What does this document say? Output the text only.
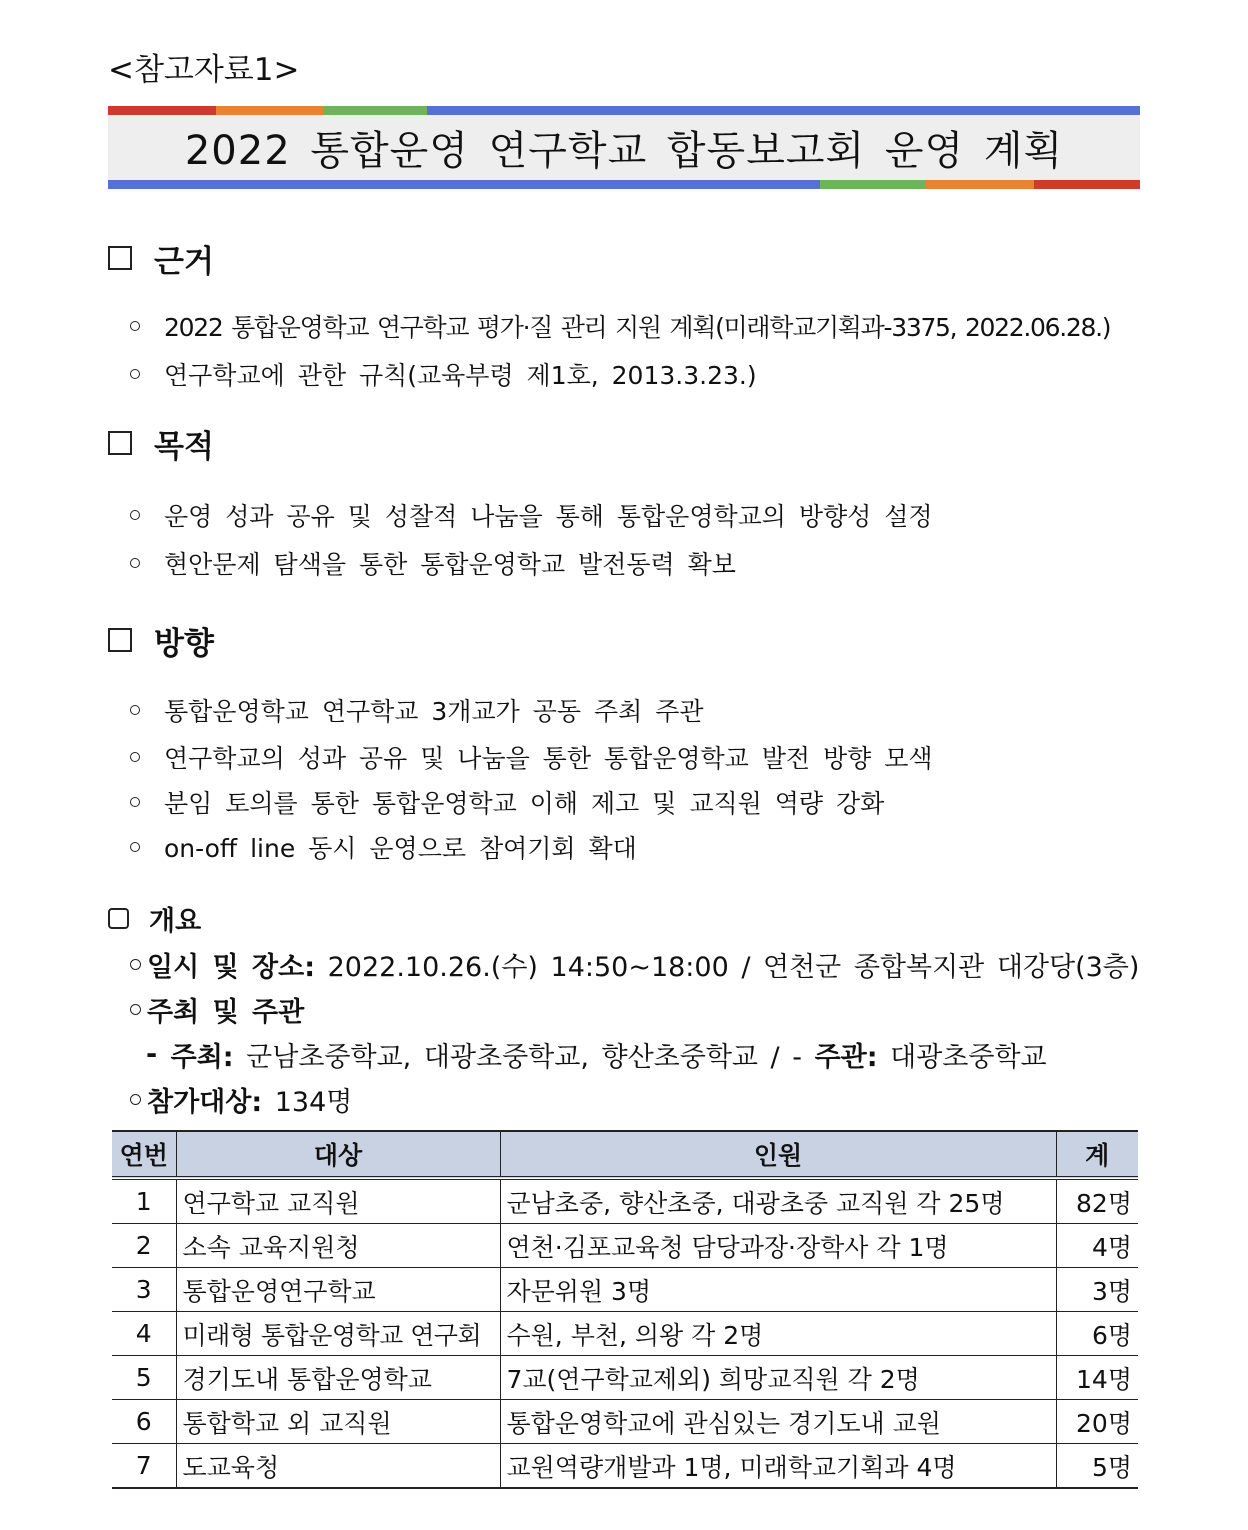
<참고자료1>
2022 통합운영 연구학교 합동보고회 운영 계획
근거
2022 통합운영학교 연구학교 평가·질 관리 지원 계획(미래학교기획과-3375, 2022.06.28.)
연구학교에 관한 규칙(교육부령 제1호, 2013.3.23.)
목적
운영 성과 공유 및 성찰적 나눔을 통해 통합운영학교의 방향성 설정
현안문제 탐색을 통한 통합운영학교 발전동력 확보
방향
통합운영학교 연구학교 3개교가 공동 주최 주관
연구학교의 성과 공유 및 나눔을 통한 통합운영학교 발전 방향 모색
분임 토의를 통한 통합운영학교 이해 제고 및 교직원 역량 강화
on-off line 동시 운영으로 참여기회 확대
개요
일시 및 장소:
2022.10.26.(수) 14:50~18:00 / 연천군 종합복지관 대강당(3층)
주최 및 주관
- 주최:
군남초중학교, 대광초중학교, 향산초중학교 / - 주관:
대광초중학교
참가대상:
134명
연번	대상	인원	계
1	연구학교 교직원	군남초중, 향산초중, 대광초중 교직원 각 25명	82명
2	소속 교육지원청	연천·김포교육청 담당과장·장학사 각 1명	4명
3	통합운영연구학교	자문위원 3명	3명
4	미래형 통합운영학교 연구회	수원, 부천, 의왕 각 2명	6명
5	경기도내 통합운영학교	7교(연구학교제외) 희망교직원 각 2명	14명
6	통합학교 외 교직원	통합운영학교에 관심있는 경기도내 교원	20명
7	도교육청	교원역량개발과 1명, 미래학교기획과 4명	5명
